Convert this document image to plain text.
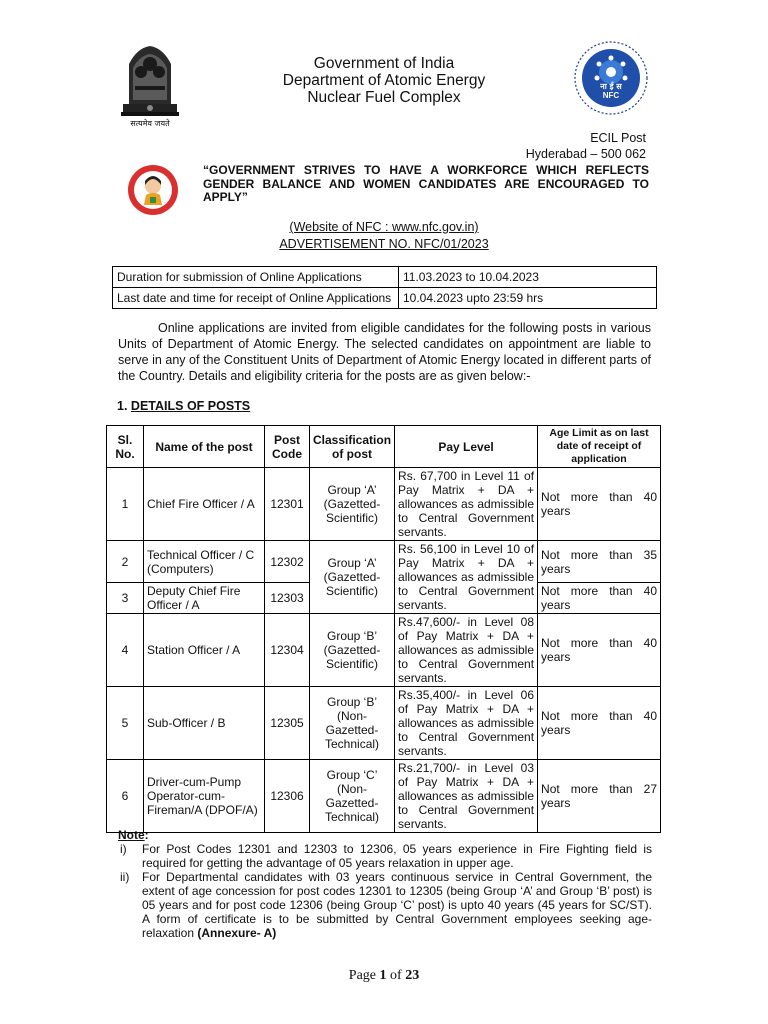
सत्यमेव जयते
Government of India
Department of Atomic Energy
Nuclear Fuel Complex
ना ई स
NFC
ECIL Post
Hyderabad – 500 062
“GOVERNMENT STRIVES TO HAVE A WORKFORCE WHICH REFLECTS GENDER BALANCE AND WOMEN CANDIDATES ARE ENCOURAGED TO APPLY”
(Website of NFC : www.nfc.gov.in)
ADVERTISEMENT NO. NFC/01/2023
Duration for submission of Online Applications	11.03.2023 to 10.04.2023
Last date and time for receipt of Online Applications	10.04.2023 upto 23:59 hrs
Online applications are invited from eligible candidates for the following posts in various Units of Department of Atomic Energy. The selected candidates on appointment are liable to serve in any of the Constituent Units of Department of Atomic Energy located in different parts of the Country. Details and eligibility criteria for the posts are as given below:-
1. DETAILS OF POSTS
Sl. No.	Name of the post	Post Code	Classification of post	Pay Level	Age Limit as on last date of receipt of application
1	Chief Fire Officer / A	12301	Group ‘A’ (Gazetted-Scientific)	Rs. 67,700 in Level 11 of Pay Matrix + DA + allowances as admissible to Central Government servants.	Not more than 40 years
2	Technical Officer / C (Computers)	12302	Group ‘A’ (Gazetted-Scientific)	Rs. 56,100 in Level 10 of Pay Matrix + DA + allowances as admissible to Central Government servants.	Not more than 35 years
3	Deputy Chief Fire Officer / A	12303			Not more than 40 years
4	Station Officer / A	12304	Group ‘B’ (Gazetted-Scientific)	Rs.47,600/- in Level 08 of Pay Matrix + DA + allowances as admissible to Central Government servants.	Not more than 40 years
5	Sub-Officer / B	12305	Group ‘B’ (Non-Gazetted-Technical)	Rs.35,400/- in Level 06 of Pay Matrix + DA + allowances as admissible to Central Government servants.	Not more than 40 years
6	Driver-cum-Pump Operator-cum-Fireman/A (DPOF/A)	12306	Group ‘C’ (Non-Gazetted-Technical)	Rs.21,700/- in Level 03 of Pay Matrix + DA + allowances as admissible to Central Government servants.	Not more than 27 years
Note:
i)	For Post Codes 12301 and 12303 to 12306, 05 years experience in Fire Fighting field is required for getting the advantage of 05 years relaxation in upper age.
ii)	For Departmental candidates with 03 years continuous service in Central Government, the extent of age concession for post codes 12301 to 12305 (being Group ‘A’ and Group ‘B’ post) is 05 years and for post code 12306 (being Group ‘C’ post) is upto 40 years (45 years for SC/ST). A form of certificate is to be submitted by Central Government employees seeking age-relaxation (Annexure- A)
Page 1 of 23
